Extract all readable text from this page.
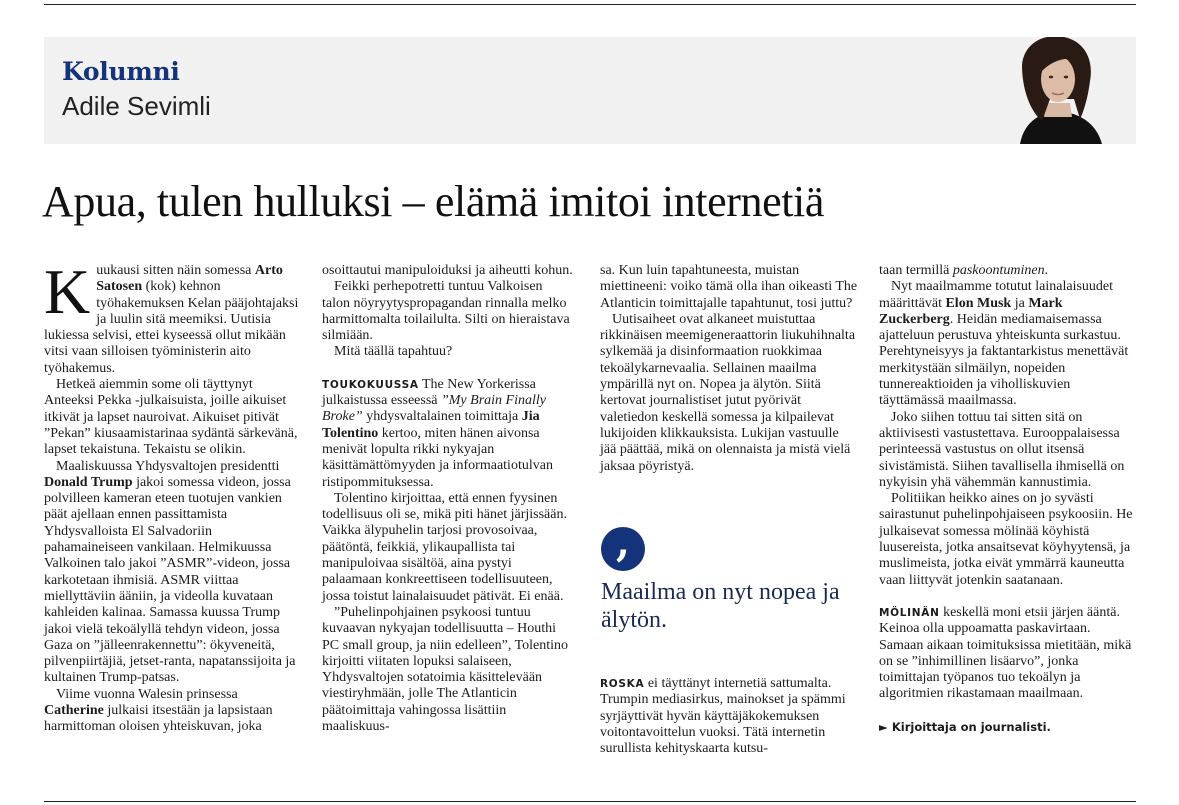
Kolumni
Adile Sevimli
Apua, tulen hulluksi – elämä imitoi internetiä

Kuukausi sitten näin somessa Arto Satosen (kok) kehnon työhakemuksen Kelan pääjohtajaksi ja luulin sitä meemiksi. Uutisia lukiessa selvisi, ettei kyseessä ollut mikään vitsi vaan silloisen työministerin aito työhakemus.

Hetkeä aiemmin some oli täyttynyt Anteeksi Pekka -julkaisuista, joille aikuiset itkivät ja lapset nauroivat. Aikuiset pitivät ”Pekan” kiusaamistarinaa sydäntä särkevänä, lapset tekaistuna. Tekaistu se olikin.

Maaliskuussa Yhdysvaltojen presidentti Donald Trump jakoi somessa videon, jossa polvilleen kameran eteen tuotujen vankien päät ajellaan ennen passittamista Yhdysvalloista El Salvadoriin pahamaineiseen vankilaan. Helmikuussa Valkoinen talo jakoi ”ASMR”-videon, jossa karkotetaan ihmisiä. ASMR viittaa miellyttäviin ääniin, ja videolla kuvataan kahleiden kalinaa. Samassa kuussa Trump jakoi vielä tekoälyllä tehdyn videon, jossa Gaza on ”jälleenrakennettu”: ökyveneitä, pilvenpiirtäjiä, jetset-ranta, napatanssijoita ja kultainen Trump-patsas.

Viime vuonna Walesin prinsessa Catherine julkaisi itsestään ja lapsistaan harmittoman oloisen yhteiskuvan, joka

osoittautui manipuloiduksi ja aiheutti kohun.

Feikki perhepotretti tuntuu Valkoisen talon nöyryytyspropagandan rinnalla melko harmittomalta toilailulta. Silti on hieraistava silmiään.

Mitä täällä tapahtuu?

TOUKOKUUSSA The New Yorkerissa julkaistussa esseessä ”My Brain Finally Broke” yhdysvaltalainen toimittaja Jia Tolentino kertoo, miten hänen aivonsa menivät lopulta rikki nykyajan käsittämättömyyden ja informaatiotulvan ristipommituksessa.

Tolentino kirjoittaa, että ennen fyysinen todellisuus oli se, mikä piti hänet järjissään. Vaikka älypuhelin tarjosi provosoivaa, päätöntä, feikkiä, ylikaupallista tai manipuloivaa sisältöä, aina pystyi palaamaan konkreettiseen todellisuuteen, jossa toistut lainalaisuudet pätivät. Ei enää.

”Puhelinpohjainen psykoosi tuntuu kuvaavan nykyajan todellisuutta – Houthi PC small group, ja niin edelleen”, Tolentino kirjoitti viitaten lopuksi salaiseen, Yhdysvaltojen sotatoimia käsittelevään viestiryhmään, jolle The Atlanticin päätoimittaja vahingossa lisättiin maaliskuus-

sa. Kun luin tapahtuneesta, muistan miettineeni: voiko tämä olla ihan oikeasti The Atlanticin toimittajalle tapahtunut, tosi juttu?

Uutisaiheet ovat alkaneet muistuttaa rikkinäisen meemigeneraattorin liukuhihnalta sylkemää ja disinformaation ruokkimaa tekoälykarnevaalia. Sellainen maailma ympärillä nyt on. Nopea ja älytön. Siitä kertovat journalistiset jutut pyörivät valetiedon keskellä somessa ja kilpailevat lukijoiden klikkauksista. Lukijan vastuulle jää päättää, mikä on olennaista ja mistä vielä jaksaa pöyristyä.

,

Maailma on nyt nopea ja älytön.

ROSKA ei täyttänyt internetiä sattumalta. Trumpin mediasirkus, mainokset ja spämmi syrjäyttivät hyvän käyttäjäkokemuksen voitontavoittelun vuoksi. Tätä internetin surullista kehityskaarta kutsu-

taan termillä paskoontuminen.

Nyt maailmamme totutut lainalaisuudet määrittävät Elon Musk ja Mark Zuckerberg. Heidän mediamaisemassa ajatteluun perustuva yhteiskunta surkastuu. Perehtyneisyys ja faktantarkistus menettävät merkitystään silmäilyn, nopeiden tunnereaktioiden ja viholliskuvien täyttämässä maailmassa.

Joko siihen tottuu tai sitten sitä on aktiivisesti vastustettava. Eurooppalaisessa perinteessä vastustus on ollut itsensä sivistämistä. Siihen tavallisella ihmisellä on nykyisin yhä vähemmän kannustimia.

Politiikan heikko aines on jo syvästi sairastunut puhelinpohjaiseen psykoosiin. He julkaisevat somessa mölinää köyhistä luusereista, jotka ansaitsevat köyhyytensä, ja muslimeista, jotka eivät ymmärrä kauneutta vaan liittyvät jotenkin saatanaan.

MÖLINÄN keskellä moni etsii järjen ääntä. Keinoa olla uppoamatta paskavirtaan. Samaan aikaan toimituksissa mietitään, mikä on se ”inhimillinen lisäarvo”, jonka toimittajan työpanos tuo tekoälyn ja algoritmien rikastamaan maailmaan.

► Kirjoittaja on journalisti.
